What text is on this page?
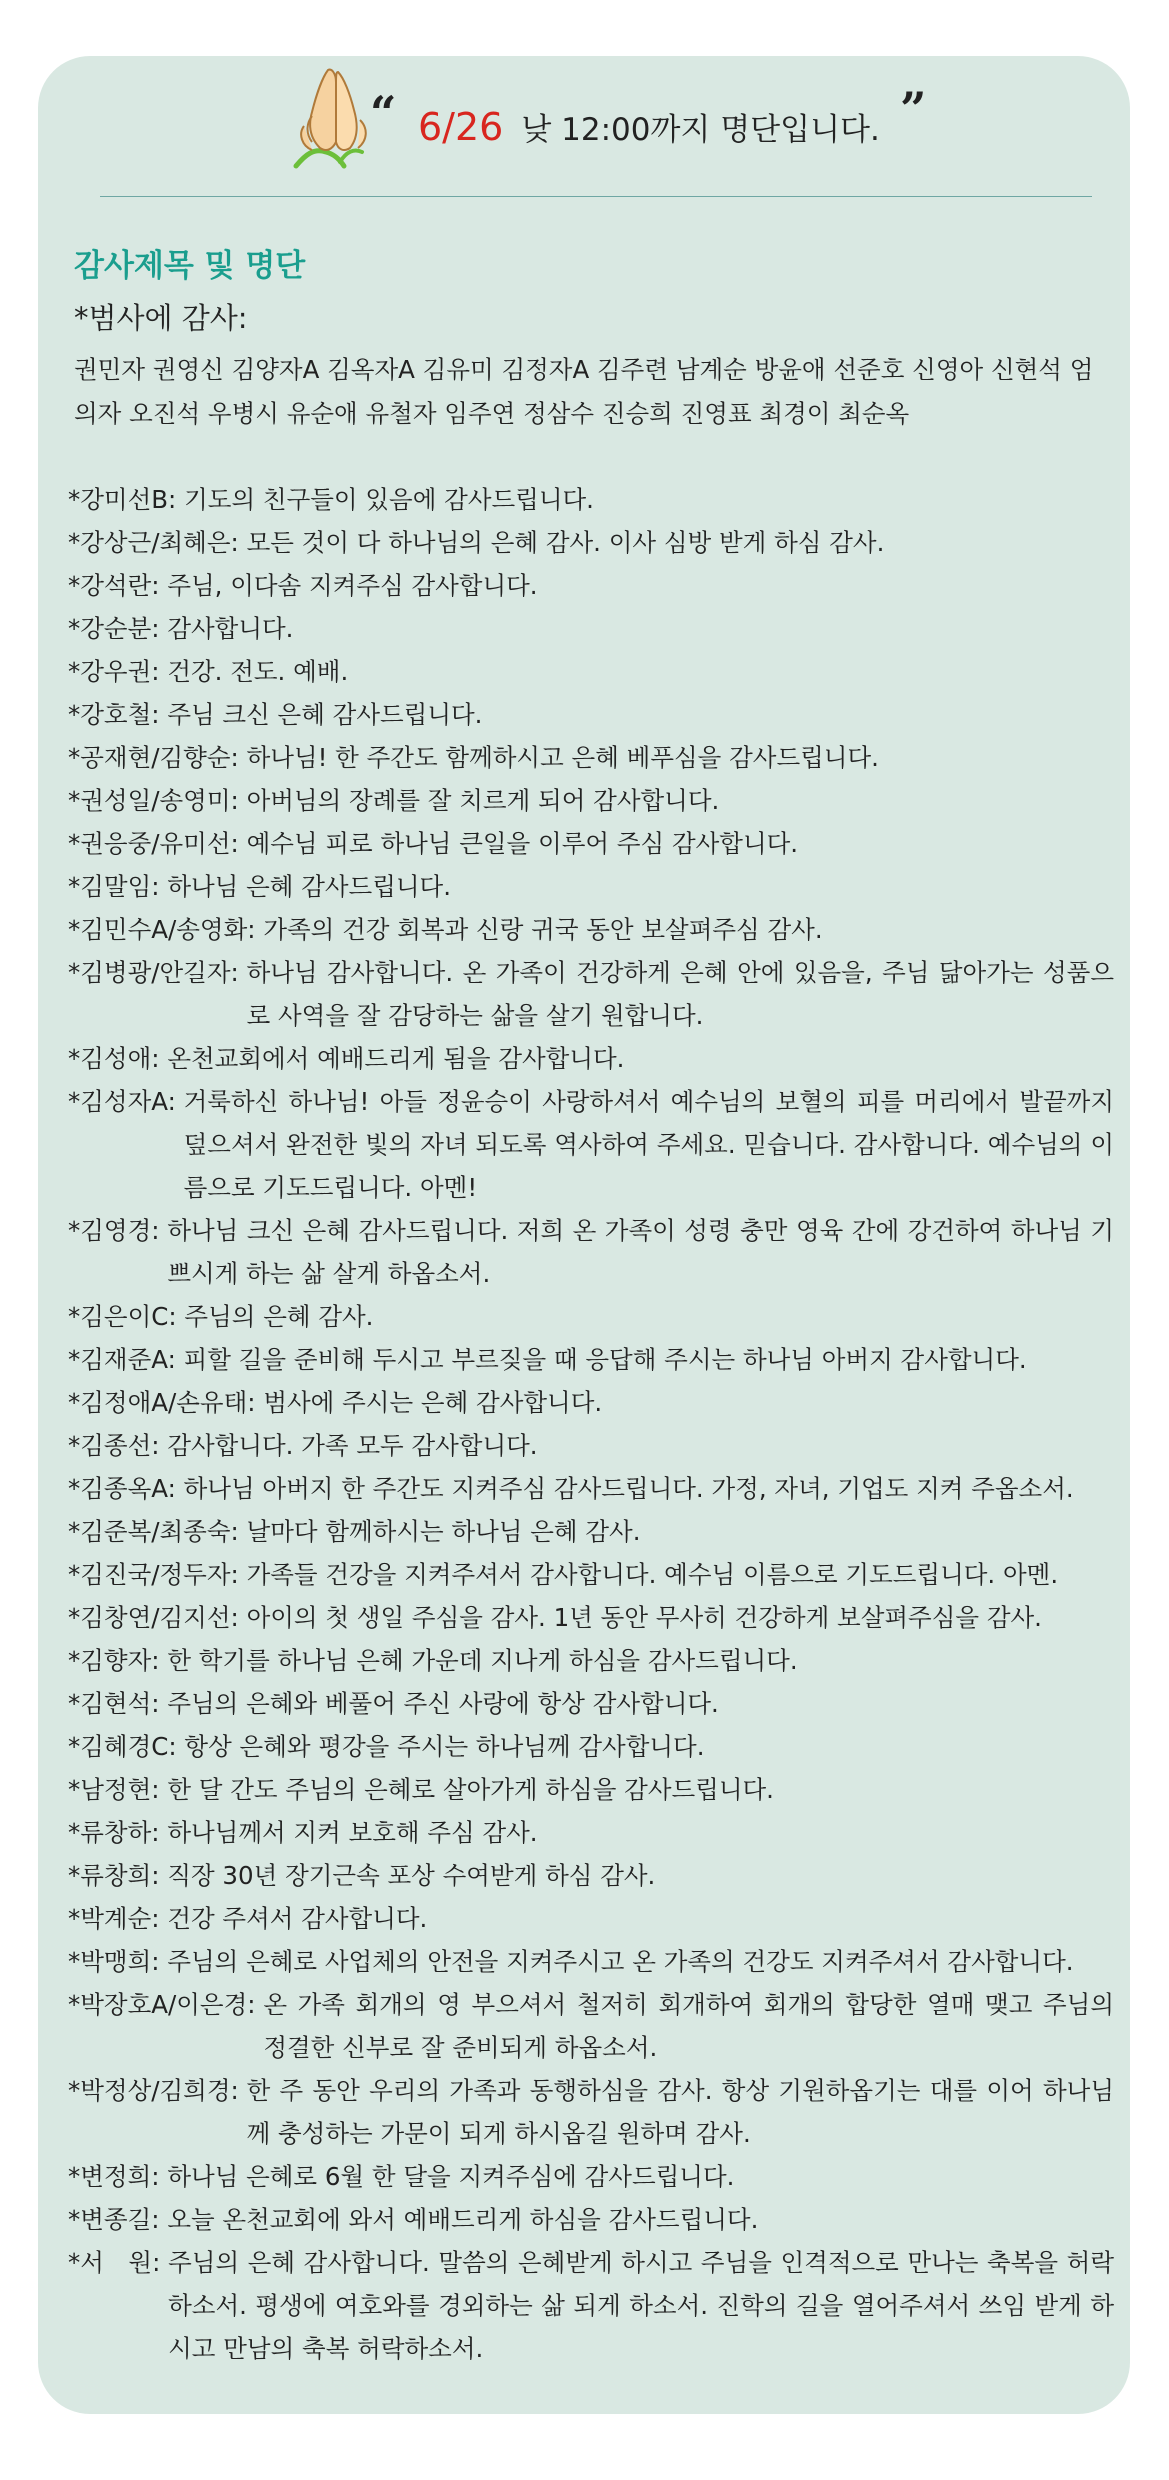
“ 6/26 낮 12:00까지 명단입니다. ”
감사제목 및 명단
*범사에 감사:
권민자 권영신 김양자A 김옥자A 김유미 김정자A 김주련 남계순 방윤애 선준호 신영아 신현석 엄의자 오진석 우병시 유순애 유철자 임주연 정삼수 진승희 진영표 최경이 최순옥
*강미선B:
기도의 친구들이 있음에 감사드립니다.
*강상근/최혜은:
모든 것이 다 하나님의 은혜 감사. 이사 심방 받게 하심 감사.
*강석란:
주님, 이다솜 지켜주심 감사합니다.
*강순분:
감사합니다.
*강우권:
건강. 전도. 예배.
*강호철:
주님 크신 은혜 감사드립니다.
*공재현/김향순:
하나님! 한 주간도 함께하시고 은혜 베푸심을 감사드립니다.
*권성일/송영미:
아버님의 장례를 잘 치르게 되어 감사합니다.
*권응중/유미선:
예수님 피로 하나님 큰일을 이루어 주심 감사합니다.
*김말임:
하나님 은혜 감사드립니다.
*김민수A/송영화:
가족의 건강 회복과 신랑 귀국 동안 보살펴주심 감사.
*김병광/안길자:
하나님 감사합니다. 온 가족이 건강하게 은혜 안에 있음을, 주님 닮아가는 성품으로 사역을 잘 감당하는 삶을 살기 원합니다.
*김성애:
온천교회에서 예배드리게 됨을 감사합니다.
*김성자A:
거룩하신 하나님! 아들 정윤승이 사랑하셔서 예수님의 보혈의 피를 머리에서 발끝까지 덮으셔서 완전한 빛의 자녀 되도록 역사하여 주세요. 믿습니다. 감사합니다. 예수님의 이름으로 기도드립니다. 아멘!
*김영경:
하나님 크신 은혜 감사드립니다. 저희 온 가족이 성령 충만 영육 간에 강건하여 하나님 기쁘시게 하는 삶 살게 하옵소서.
*김은이C:
주님의 은혜 감사.
*김재준A:
피할 길을 준비해 두시고 부르짖을 때 응답해 주시는 하나님 아버지 감사합니다.
*김정애A/손유태:
범사에 주시는 은혜 감사합니다.
*김종선:
감사합니다. 가족 모두 감사합니다.
*김종옥A:
하나님 아버지 한 주간도 지켜주심 감사드립니다. 가정, 자녀, 기업도 지켜 주옵소서.
*김준복/최종숙:
날마다 함께하시는 하나님 은혜 감사.
*김진국/정두자:
가족들 건강을 지켜주셔서 감사합니다. 예수님 이름으로 기도드립니다. 아멘.
*김창연/김지선:
아이의 첫 생일 주심을 감사. 1년 동안 무사히 건강하게 보살펴주심을 감사.
*김향자:
한 학기를 하나님 은혜 가운데 지나게 하심을 감사드립니다.
*김현석:
주님의 은혜와 베풀어 주신 사랑에 항상 감사합니다.
*김혜경C:
항상 은혜와 평강을 주시는 하나님께 감사합니다.
*남정현:
한 달 간도 주님의 은혜로 살아가게 하심을 감사드립니다.
*류창하:
하나님께서 지켜 보호해 주심 감사.
*류창희:
직장 30년 장기근속 포상 수여받게 하심 감사.
*박계순:
건강 주셔서 감사합니다.
*박맹희:
주님의 은혜로 사업체의 안전을 지켜주시고 온 가족의 건강도 지켜주셔서 감사합니다.
*박장호A/이은경:
온 가족 회개의 영 부으셔서 철저히 회개하여 회개의 합당한 열매 맺고 주님의 정결한 신부로 잘 준비되게 하옵소서.
*박정상/김희경:
한 주 동안 우리의 가족과 동행하심을 감사. 항상 기원하옵기는 대를 이어 하나님께 충성하는 가문이 되게 하시옵길 원하며 감사.
*변정희:
하나님 은혜로 6월 한 달을 지켜주심에 감사드립니다.
*변종길:
오늘 온천교회에 와서 예배드리게 하심을 감사드립니다.
*서　원:
주님의 은혜 감사합니다. 말씀의 은혜받게 하시고 주님을 인격적으로 만나는 축복을 허락하소서. 평생에 여호와를 경외하는 삶 되게 하소서. 진학의 길을 열어주셔서 쓰임 받게 하시고 만남의 축복 허락하소서.
